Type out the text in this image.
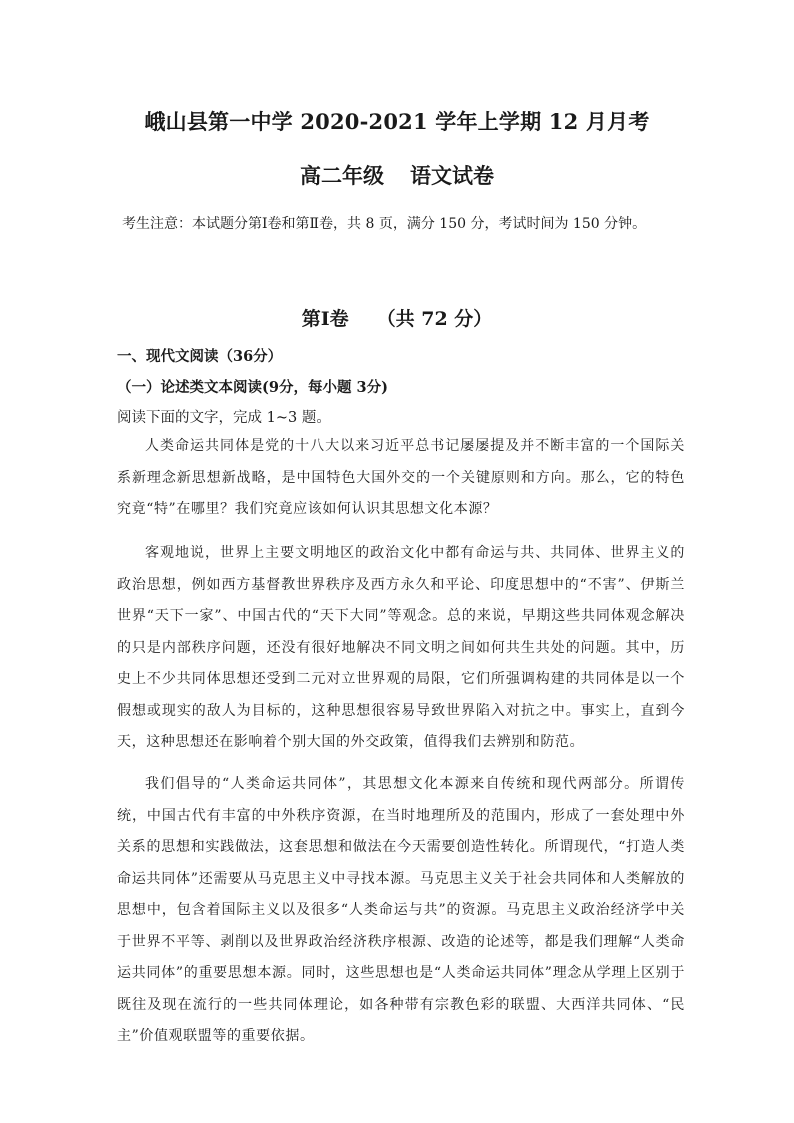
峨山县第一中学 2020-2021 学年上学期 12 月月考
高二年级 语文试卷
考生注意：本试题分第Ⅰ卷和第Ⅱ卷，共 8 页，满分 150 分，考试时间为 150 分钟。
第Ⅰ卷 （共 72 分）
一、现代文阅读（36分）
（一）论述类文本阅读(9分，每小题 3分)
阅读下面的文字，完成 1~3 题。
人类命运共同体是党的十八大以来习近平总书记屡屡提及并不断丰富的一个国际关系新理念新思想新战略，是中国特色大国外交的一个关键原则和方向。那么，它的特色究竟“特”在哪里？我们究竟应该如何认识其思想文化本源？
客观地说，世界上主要文明地区的政治文化中都有命运与共、共同体、世界主义的政治思想，例如西方基督教世界秩序及西方永久和平论、印度思想中的“不害”、伊斯兰世界“天下一家”、中国古代的“天下大同”等观念。总的来说，早期这些共同体观念解决的只是内部秩序问题，还没有很好地解决不同文明之间如何共生共处的问题。其中，历史上不少共同体思想还受到二元对立世界观的局限，它们所强调构建的共同体是以一个假想或现实的敌人为目标的，这种思想很容易导致世界陷入对抗之中。事实上，直到今天，这种思想还在影响着个别大国的外交政策，值得我们去辨别和防范。
我们倡导的“人类命运共同体”，其思想文化本源来自传统和现代两部分。所谓传统，中国古代有丰富的中外秩序资源，在当时地理所及的范围内，形成了一套处理中外关系的思想和实践做法，这套思想和做法在今天需要创造性转化。所谓现代，“打造人类命运共同体”还需要从马克思主义中寻找本源。马克思主义关于社会共同体和人类解放的思想中，包含着国际主义以及很多“人类命运与共”的资源。马克思主义政治经济学中关于世界不平等、剥削以及世界政治经济秩序根源、改造的论述等，都是我们理解“人类命运共同体”的重要思想本源。同时，这些思想也是“人类命运共同体”理念从学理上区别于既往及现在流行的一些共同体理论，如各种带有宗教色彩的联盟、大西洋共同体、“民主”价值观联盟等的重要依据。
